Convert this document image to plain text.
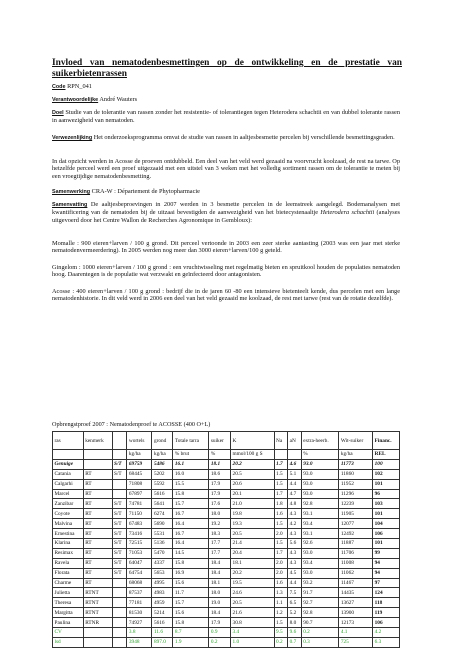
Invloed van nematodenbesmettingen op de ontwikkeling en de prestatie van suikerbietenrassen
Code RPN_041
Verantwoordelijke André Wauters
Doel Studie van de tolerantie van rassen zonder het resistentie- of tolerantiegen tegen Heterodera schachtii en van dubbel tolerante rassen in aanwezigheid van nematoden.
Verwezenlijking Het onderzoeksprogramma omvat de studie van rassen in aaltjesbesmette percelen bij verschillende besmettingsgraden.
In dat opzicht werden in Acosse de proeven ontdubbeld. Een deel van het veld werd gezaaid na voorvrucht koolzaad, de rest na tarwe. Op hetzelfde perceel werd een proef uitgezaaid met een uitstel van 3 weken met het volledig sortiment rassen om de tolerantie te meten bij een vroegtijdige nematodenbesmetting.
Samenwerking CRA-W : Département de Phytopharmacie
Samenvatting De aaltjesbeproevingen in 2007 werden in 3 besmette percelen in de leemstreek aangelegd. Bodemanalysen met kwantificering van de nematoden bij de uitzaai bevestigden de aanwezigheid van het bietecystenaaltje Heterodera schachtii (analyses uitgevoerd door het Centre Wallon de Recherches Agronomique in Gembloux):
Momalle : 900 eieren+larven / 100 g grond. Dit perceel vertoonde in 2003 een zeer sterke aantasting (2003 was een jaar met sterke nematodenvermeerdering). In 2005 werden nog meer dan 3000 eieren+larven/100 g geteld.
Gingelom : 1000 eieren+larven / 100 g grond : een vruchtwisseling met regelmatig bieten en spruitkool houden de populaties nematoden hoog. Daarentegen is de populatie wat verzwakt en geïnfecteerd door antagonisten.
Acosse : 400 eieren+larven / 100 g grond : bedrijf die in de jaren 60 -80 een intensieve bietenteelt kende, dus percelen met een lange nematodenhistorie. In dit veld werd in 2006 een deel van het veld gezaaid me koolzaad, de rest met tarwe (rest van de rotatie dezelfde).
Opbrengstproef 2007 : Nematodenproef te ACOSSE (400 O+L)
ras	kenmerk		wortels	grond	Totale tarra	suiker	K	Na	aN	extra-heerb.	Wit-suiker	Financ.
			kg/ha	kg/ha	% brut	%	mmol/100 g S			%	kg/ha	REL
Genuige		S/T	69759	5486	16.1	18.1	20.2	1.7	4.6	93.0	11773	100
Catania	RT	S/T	68445	5202	16.0	18.6	20.5	1.5	5.1	93.0	11860	102
Calgarhi	RT		71808	5592	15.5	17.9	20.6	1.5	4.4	93.0	11952	101
Marcel	RT		67897	5616	15.8	17.9	20.1	1.7	4.7	93.0	11296	96
Zanzibar	RT	S/T	74781	5641	15.7	17.6	21.0	1.8	4.8	92.8	12239	103
Coyote	RT	S/T	71150	6274	16.7	18.0	19.8	1.6	4.3	93.1	11905	101
Malvina	RT	S/T	67483	5690	16.4	19.2	19.3	1.5	4.2	93.4	12077	104
Ernestina	RT	S/T	73416	5531	16.7	18.3	20.5	2.0	4.3	93.1	12492	106
Klarina	RT	S/T	72515	5136	16.4	17.7	21.4	1.5	5.6	92.6	11887	101
Resimax	RT	S/T	71053	5470	14.5	17.7	20.4	1.7	4.3	93.0	11706	99
Ravela	RT	S/T	64047	4337	15.8	18.4	18.1	2.0	4.3	93.4	11008	94
Florata	RT	S/T	64754	5653	16.9	18.4	20.2	2.0	4.5	93.0	11062	94
Charme	RT		68068	4995	15.6	18.1	19.5	1.6	4.4	93.2	11467	97
Julietta	RTNT		87537	4983	11.7	18.0	24.6	1.3	7.5	91.7	14435	124
Theresa	RTNT		77181	4959	15.7	19.0	20.5	1.1	6.5	92.7	13627	118
Margitta	RTNT		81530	5214	15.6	18.4	21.6	1.2	5.2	92.8	13900	119
Paulina	RTNR		74927	5616	15.8	17.9	30.8	1.5	8.0	90.7	12173	106
CV			3.8	11.6	8.7	0.9	3.4	9.5	9.6	0.2	4.1	4.2
lsd			3948	897.0	1.9	0.2	1.0	0.2	0.7	0.3	725	6.3
